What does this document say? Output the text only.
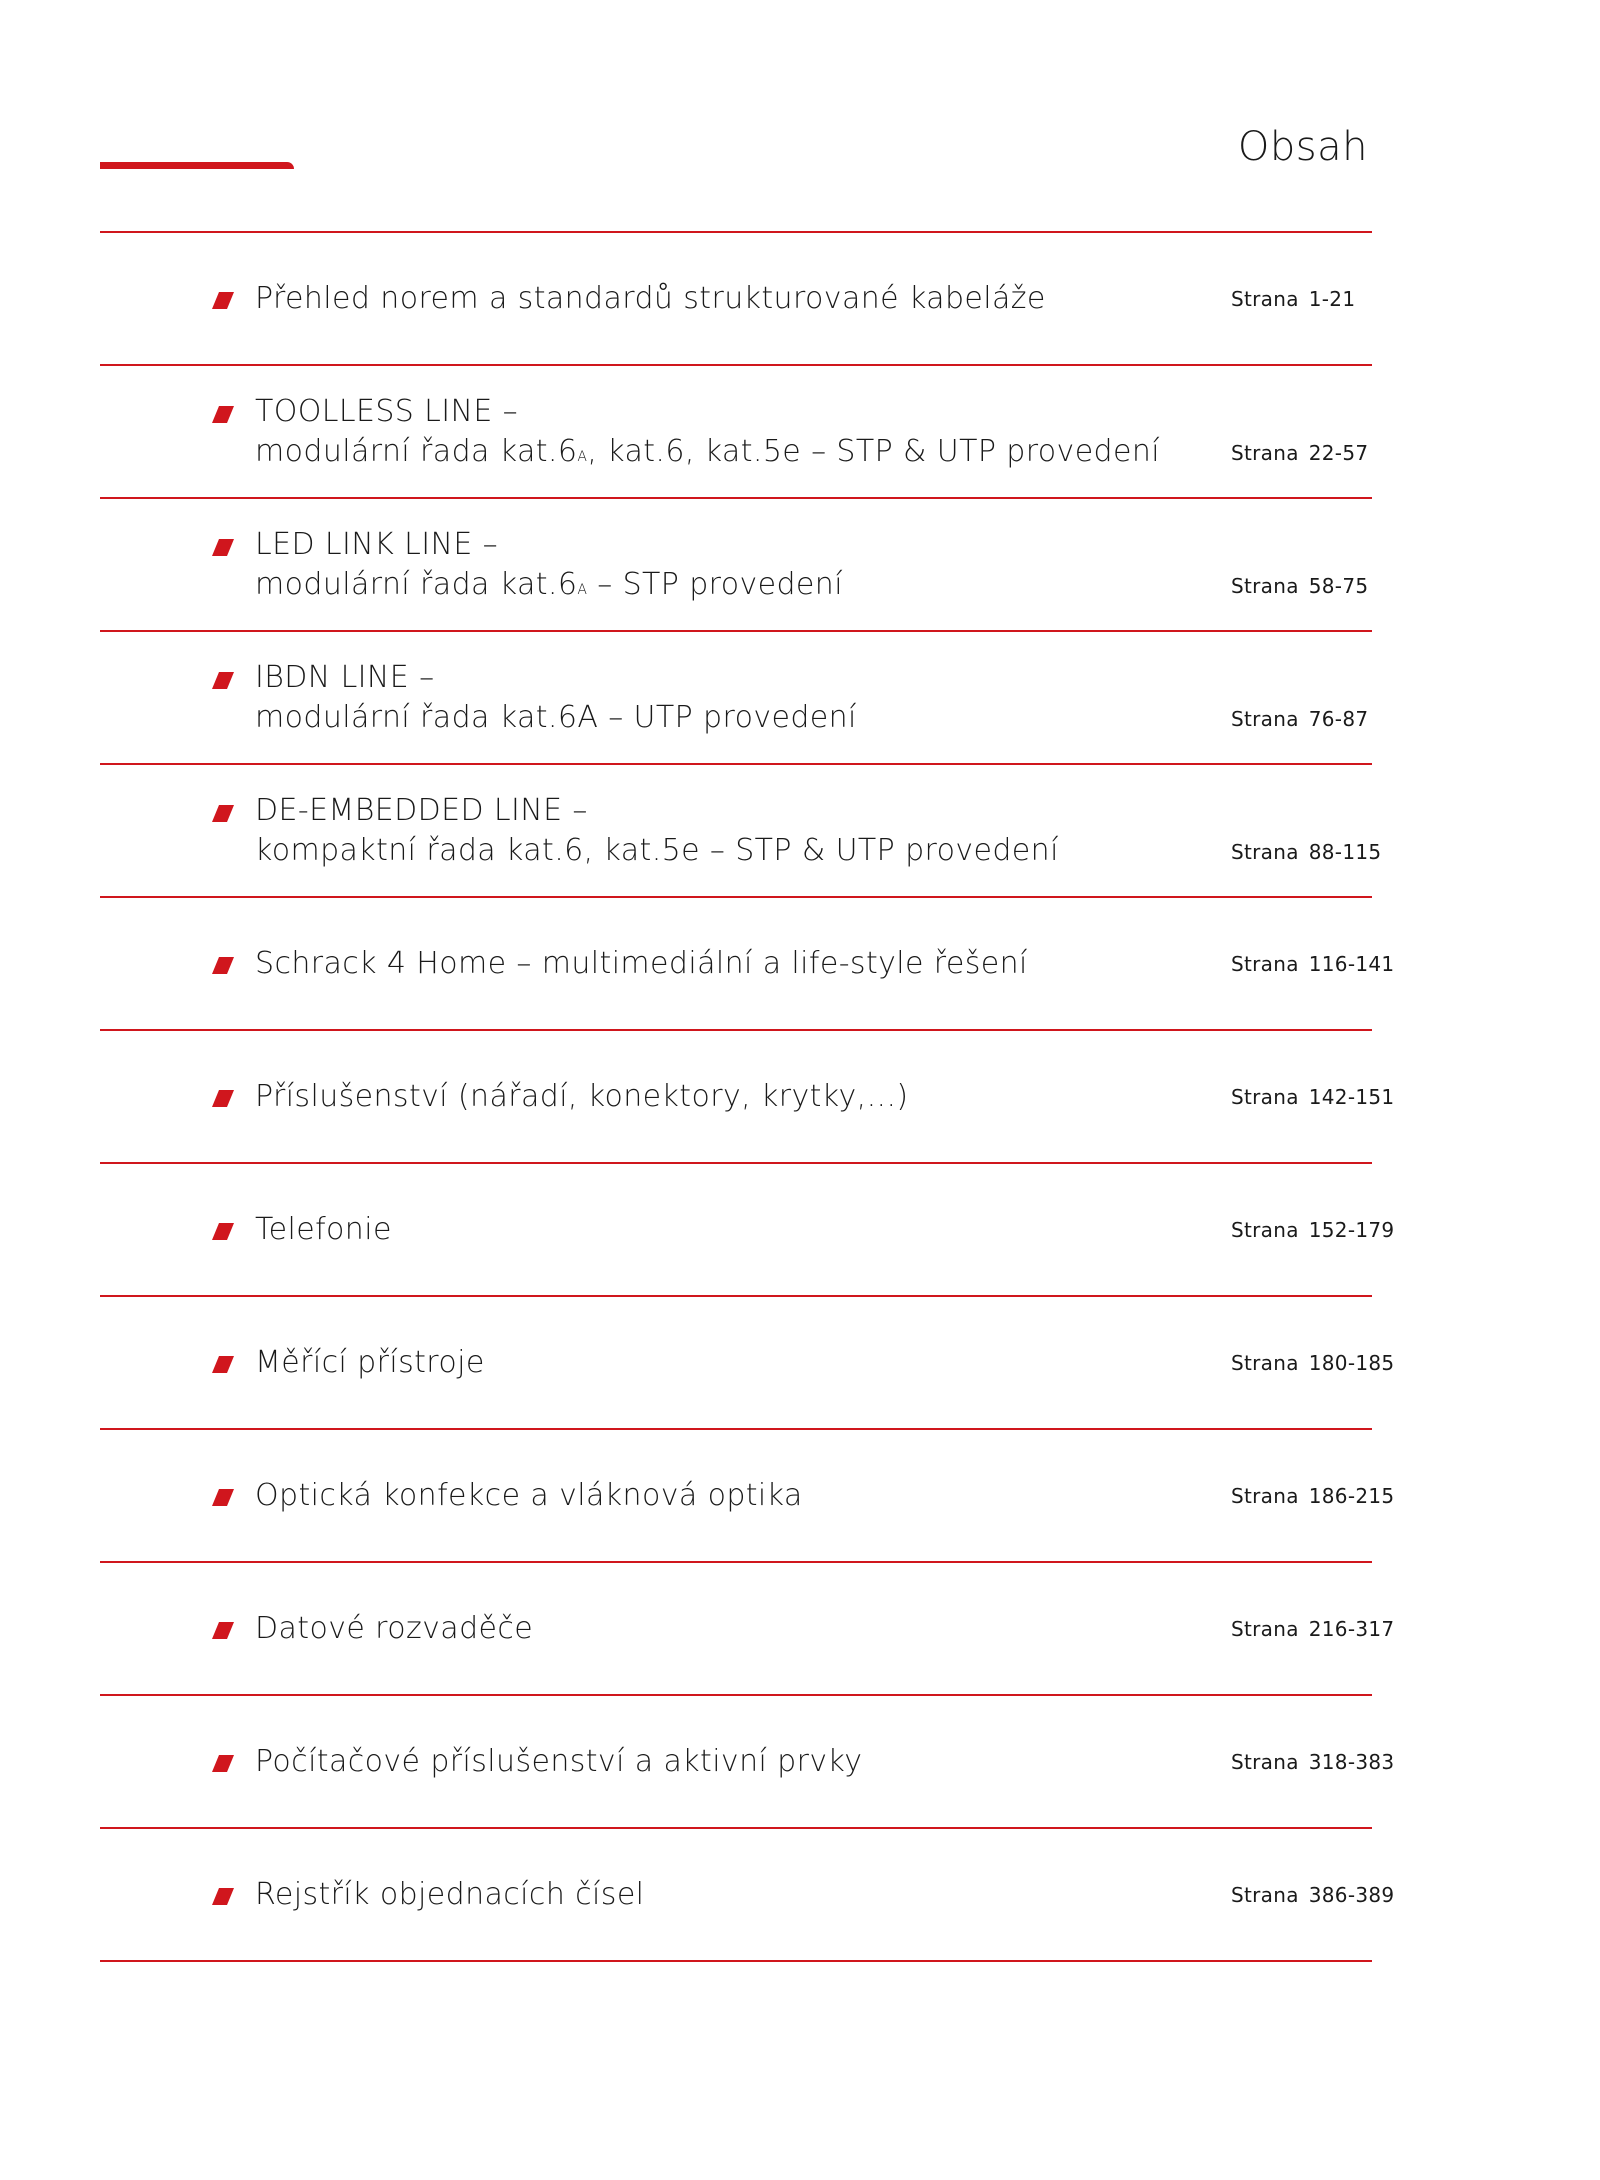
Obsah
Přehled norem a standardů strukturované kabeláže	Strana 1-21
TOOLLESS LINE –
modulární řada kat.6A, kat.6, kat.5e – STP & UTP provedení	Strana 22-57
LED LINK LINE –
modulární řada kat.6A – STP provedení	Strana 58-75
IBDN LINE –
modulární řada kat.6A – UTP provedení	Strana 76-87
DE-EMBEDDED LINE –
kompaktní řada kat.6, kat.5e – STP & UTP provedení	Strana 88-115
Schrack 4 Home – multimediální a life-style řešení	Strana 116-141
Příslušenství (nářadí, konektory, krytky,...)	Strana 142-151
Telefonie	Strana 152-179
Měřící přístroje	Strana 180-185
Optická konfekce a vláknová optika	Strana 186-215
Datové rozvaděče	Strana 216-317
Počítačové příslušenství a aktivní prvky	Strana 318-383
Rejstřík objednacích čísel	Strana 386-389
